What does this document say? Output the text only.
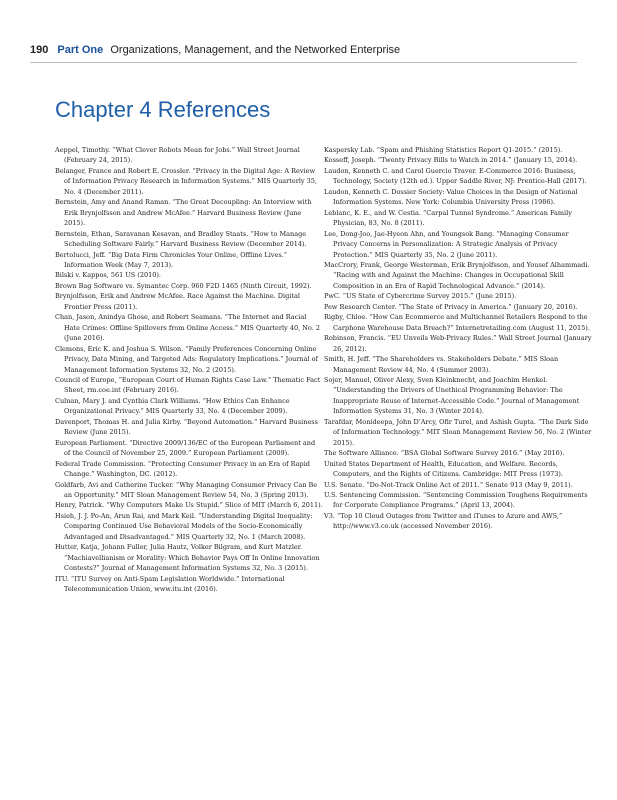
190 Part One Organizations, Management, and the Networked Enterprise
Chapter 4 References

Aeppel, Timothy. “What Clever Robots Mean for Jobs.” Wall Street Journal (February 24, 2015).

Belanger, France and Robert E. Crossler. “Privacy in the Digital Age: A Review of Information Privacy Research in Information Systems.” MIS Quarterly 35, No. 4 (December 2011).

Bernstein, Amy and Anand Raman. “The Great Decoupling: An Interview with Erik Brynjolfsson and Andrew McAfee.” Harvard Business Review (June 2015).

Bernstein, Ethan, Saravanan Kesavan, and Bradley Staats. “How to Manage Scheduling Software Fairly.” Harvard Business Review (December 2014).

Bertolucci, Jeff. “Big Data Firm Chronicles Your Online, Offline Lives.” Information Week (May 7, 2013).

Bilski v. Kappos, 561 US (2010).

Brown Bag Software vs. Symantec Corp. 960 F2D 1465 (Ninth Circuit, 1992).

Brynjolfsson, Erik and Andrew McAfee. Race Against the Machine. Digital Frontier Press (2011).

Chan, Jason, Anindya Ghose, and Robert Seamans. “The Internet and Racial Hate Crimes: Offline Spillovers from Online Access.” MIS Quarterly 40, No. 2 (June 2016).

Clemons, Eric K. and Joshua S. Wilson. “Family Preferences Concerning Online Privacy, Data Mining, and Targeted Ads: Regulatory Implications.” Journal of Management Information Systems 32, No. 2 (2015).

Council of Europe, “European Court of Human Rights Case Law.” Thematic Fact Sheet, rm.coe.int (February 2016).

Culnan, Mary J. and Cynthia Clark Williams. “How Ethics Can Enhance Organizational Privacy.” MIS Quarterly 33, No. 4 (December 2009).

Davenport, Thomas H. and Julia Kirby. “Beyond Automation.” Harvard Business Review (June 2015).

European Parliament. “Directive 2009/136/EC of the European Parliament and of the Council of November 25, 2009.” European Parliament (2009).

Federal Trade Commission. “Protecting Consumer Privacy in an Era of Rapid Change.” Washington, DC. (2012).

Goldfarb, Avi and Catherine Tucker. “Why Managing Consumer Privacy Can Be an Opportunity.” MIT Sloan Management Review 54, No. 3 (Spring 2013).

Henry, Patrick. “Why Computers Make Us Stupid.” Slice of MIT (March 6, 2011).

Hsieh, J. J. Po-An, Arun Rai, and Mark Keil. “Understanding Digital Inequality: Comparing Continued Use Behavioral Models of the Socio-Economically Advantaged and Disadvantaged.” MIS Quarterly 32, No. 1 (March 2008).

Hutter, Katja, Johann Fuller, Julia Hautz, Volker Bilgram, and Kurt Matzler. “Machiavellianism or Morality: Which Behavior Pays Off In Online Innovation Contests?” Journal of Management Information Systems 32, No. 3 (2015).

ITU. “ITU Survey on Anti-Spam Legislation Worldwide.” International Telecommunication Union, www.itu.int (2016).

Kaspersky Lab. “Spam and Phishing Statistics Report Q1-2015.” (2015).

Kosseff, Joseph. “Twenty Privacy Bills to Watch in 2014.” (January 15, 2014).

Laudon, Kenneth C. and Carol Guercio Traver. E-Commerce 2016: Business, Technology, Society (12th ed.). Upper Saddle River, NJ: Prentice-Hall (2017).

Laudon, Kenneth C. Dossier Society: Value Choices in the Design of National Information Systems. New York: Columbia University Press (1986).

Leblanc, K. E., and W. Cestia. “Carpal Tunnel Syndrome.” American Family Physician, 83, No. 8 (2011).

Lee, Dong-Joo, Jae-Hyeon Ahn, and Youngsok Bang. “Managing Consumer Privacy Concerns in Personalization: A Strategic Analysis of Privacy Protection.” MIS Quarterly 35, No. 2 (June 2011).

MacCrory, Frank, George Westerman, Erik Brynjolfsson, and Yousef Alhammadi. “Racing with and Against the Machine: Changes in Occupational Skill Composition in an Era of Rapid Technological Advance.” (2014).

PwC. “US State of Cybercrime Survey 2015.” (June 2015).

Pew Research Center. “The State of Privacy in America.” (January 20, 2016).

Rigby, Chloe. “How Can Ecommerce and Multichannel Retailers Respond to the Carphone Warehouse Data Breach?” Internetretailing.com (August 11, 2015).

Robinson, Francis. “EU Unveils Web-Privacy Rules.” Wall Street Journal (January 26, 2012).

Smith, H. Jeff. “The Shareholders vs. Stakeholders Debate.” MIS Sloan Management Review 44, No. 4 (Summer 2003).

Sojer, Manuel, Oliver Alexy, Sven Kleinknecht, and Joachim Henkel. “Understanding the Drivers of Unethical Programming Behavior: The Inappropriate Reuse of Internet-Accessible Code.” Journal of Management Information Systems 31, No. 3 (Winter 2014).

Tarafdar, Monideepa, John D’Arcy, Ofir Turel, and Ashish Gupta. “The Dark Side of Information Technology.” MIT Sloan Management Review 56, No. 2 (Winter 2015).

The Software Alliance. “BSA Global Software Survey 2016.” (May 2016).

United States Department of Health, Education, and Welfare. Records, Computers, and the Rights of Citizens. Cambridge: MIT Press (1973).

U.S. Senate. “Do-Not-Track Online Act of 2011.” Senate 913 (May 9, 2011).

U.S. Sentencing Commission. “Sentencing Commission Toughens Requirements for Corporate Compliance Programs.” (April 13, 2004).

V3. “Top 10 Cloud Outages from Twitter and iTunes to Azure and AWS,” http://www.v3.co.uk (accessed November 2016).
